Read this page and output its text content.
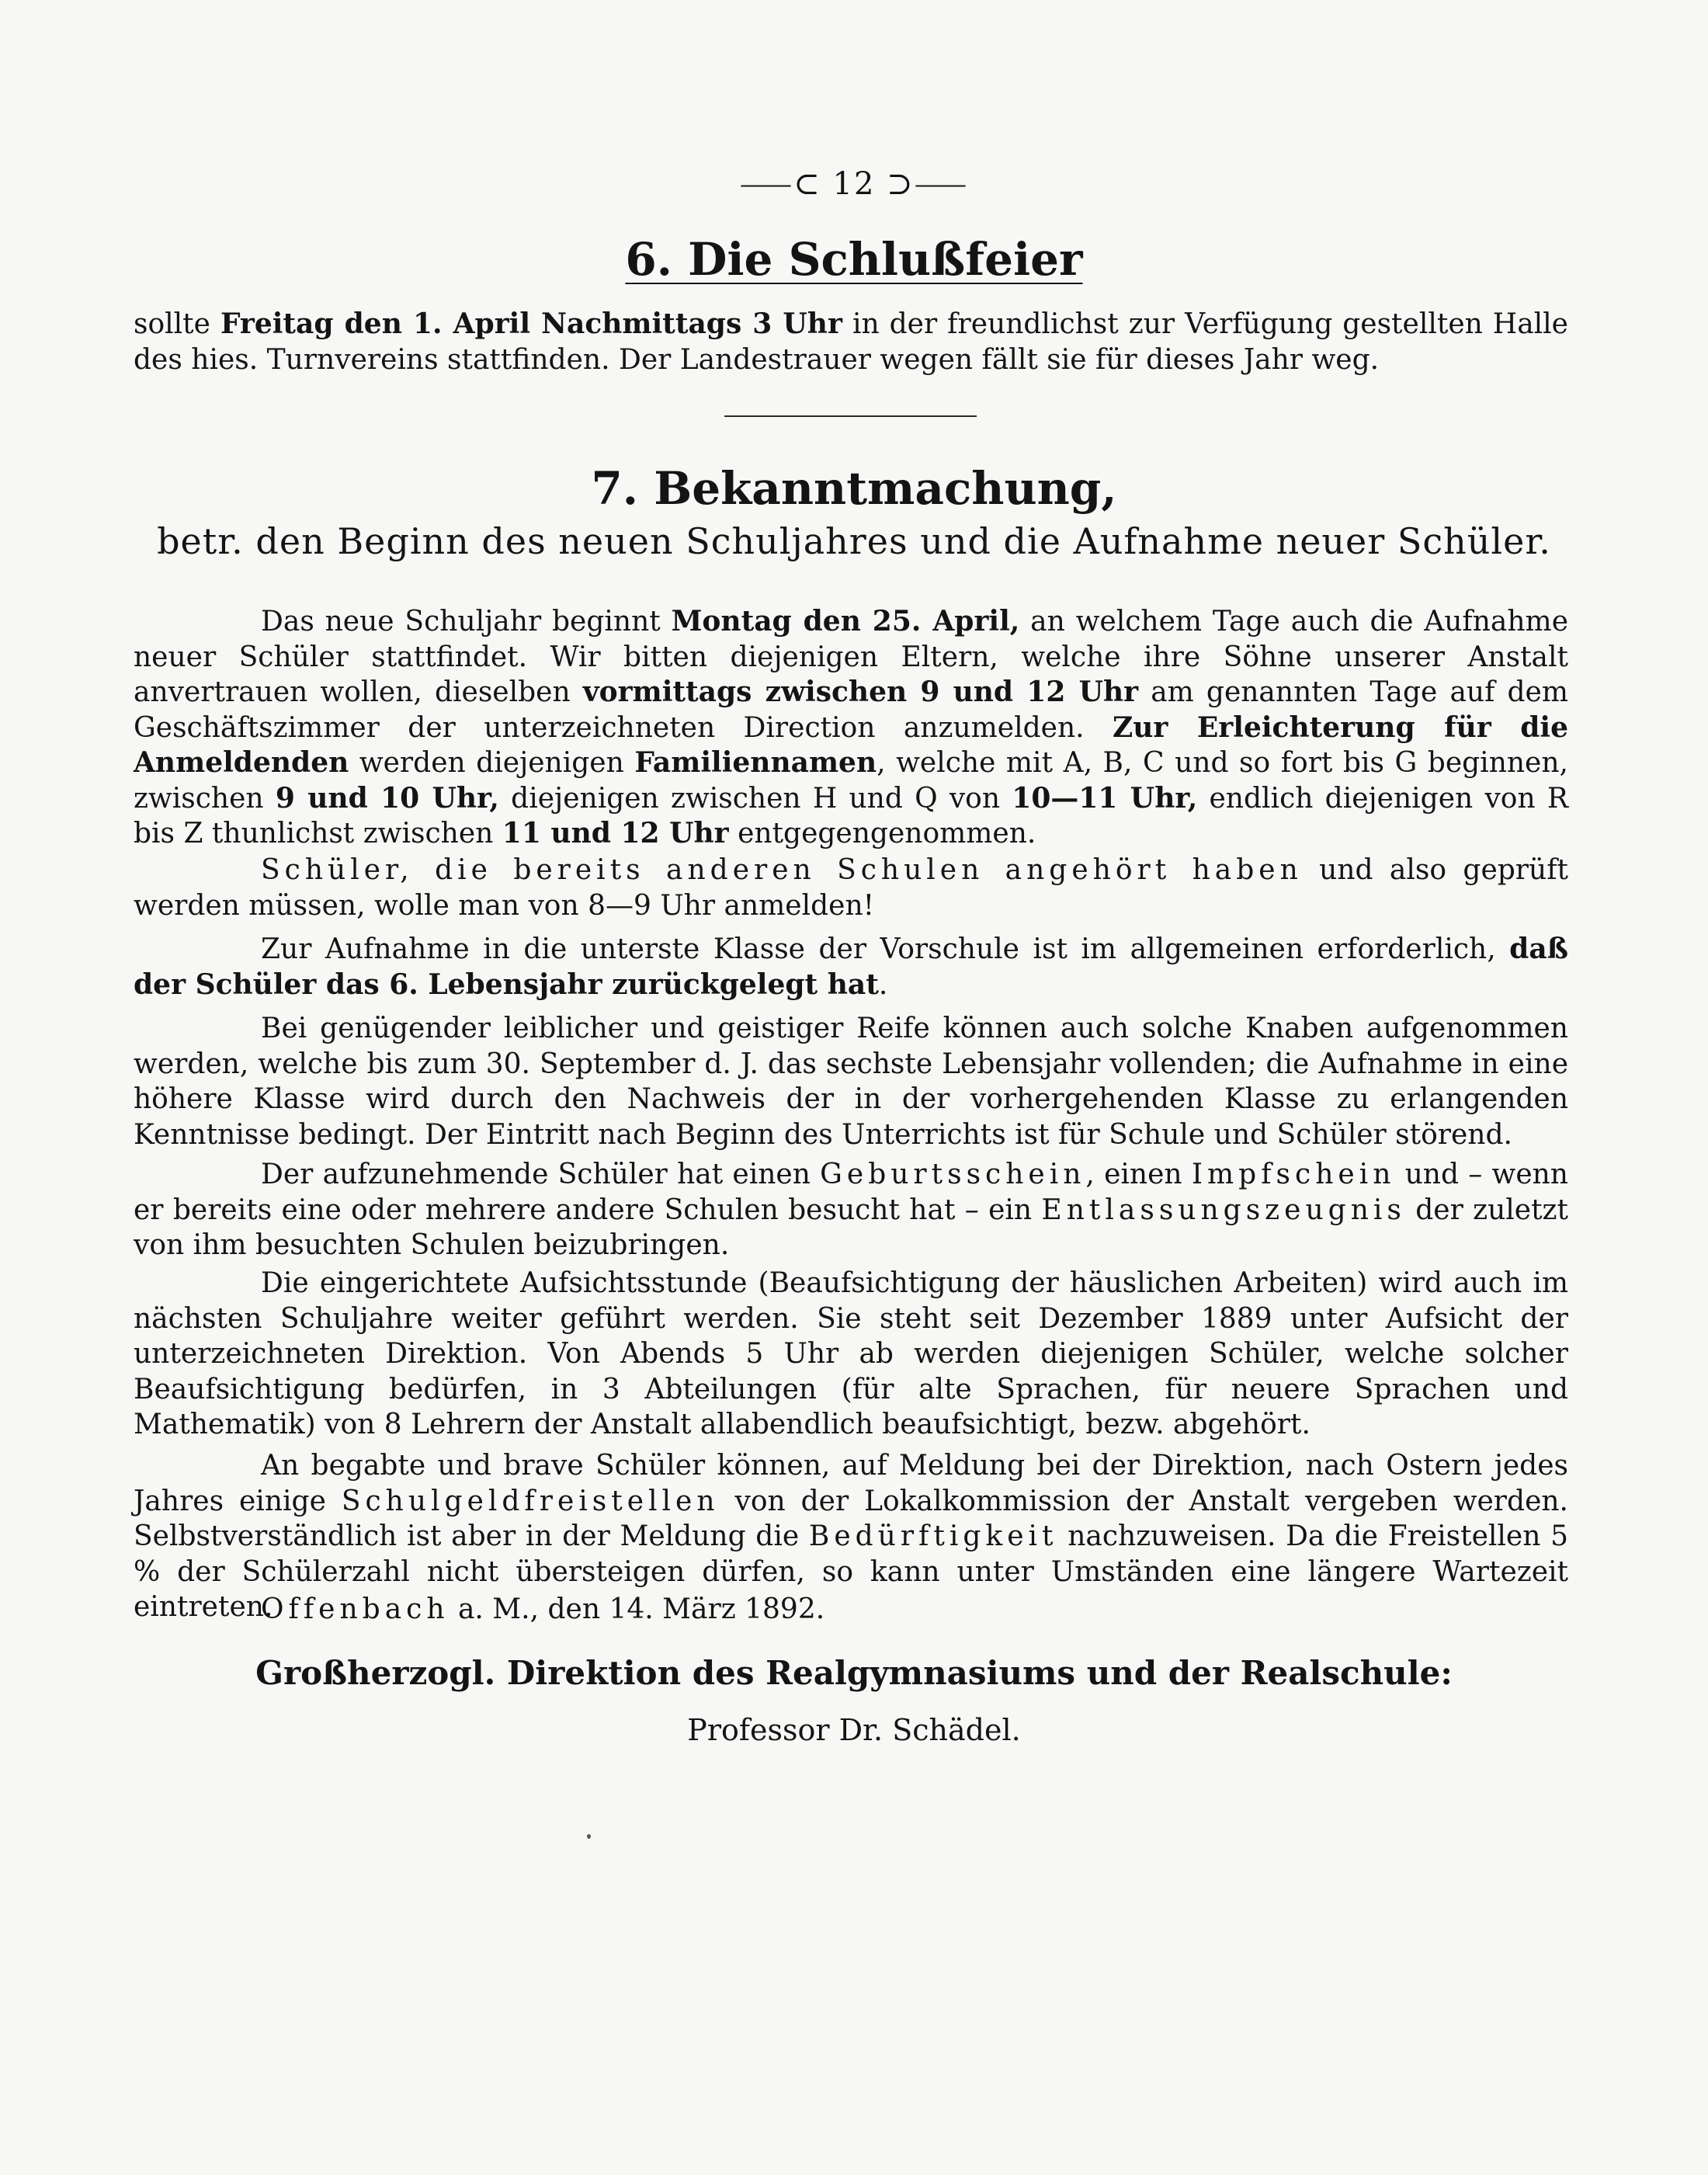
⸺⊂ 12 ⊃⸺
6. Die Schlußfeier

sollte Freitag den 1. April Nachmittags 3 Uhr in der freundlichst zur Verfügung gestellten Halle des hies. Turnvereins stattfinden. Der Landestrauer wegen fällt sie für dieses Jahr weg.

7. Bekanntmachung,
betr. den Beginn des neuen Schuljahres und die Aufnahme neuer Schüler.

Das neue Schuljahr beginnt Montag den 25. April, an welchem Tage auch die Aufnahme neuer Schüler stattfindet. Wir bitten diejenigen Eltern, welche ihre Söhne unserer Anstalt anvertrauen wollen, dieselben vormittags zwischen 9 und 12 Uhr am genannten Tage auf dem Geschäftszimmer der unterzeichneten Direction anzumelden. Zur Erleichterung für die Anmeldenden werden diejenigen Familiennamen, welche mit A, B, C und so fort bis G beginnen, zwischen 9 und 10 Uhr, diejenigen zwischen H und Q von 10—11 Uhr, endlich diejenigen von R bis Z thunlichst zwischen 11 und 12 Uhr entgegengenommen.

Schüler, die bereits anderen Schulen angehört haben und also geprüft werden müssen, wolle man von 8—9 Uhr anmelden!

Zur Aufnahme in die unterste Klasse der Vorschule ist im allgemeinen erforderlich, daß der Schüler das 6. Lebensjahr zurückgelegt hat.

Bei genügender leiblicher und geistiger Reife können auch solche Knaben aufgenommen werden, welche bis zum 30. September d. J. das sechste Lebensjahr vollenden; die Aufnahme in eine höhere Klasse wird durch den Nachweis der in der vorhergehenden Klasse zu erlangenden Kenntnisse bedingt. Der Eintritt nach Beginn des Unterrichts ist für Schule und Schüler störend.

Der aufzunehmende Schüler hat einen Geburtsschein, einen Impfschein und – wenn er bereits eine oder mehrere andere Schulen besucht hat – ein Entlassungszeugnis der zuletzt von ihm besuchten Schulen beizubringen.

Die eingerichtete Aufsichtsstunde (Beaufsichtigung der häuslichen Arbeiten) wird auch im nächsten Schuljahre weiter geführt werden. Sie steht seit Dezember 1889 unter Aufsicht der unterzeichneten Direktion. Von Abends 5 Uhr ab werden diejenigen Schüler, welche solcher Beaufsichtigung bedürfen, in 3 Abteilungen (für alte Sprachen, für neuere Sprachen und Mathematik) von 8 Lehrern der Anstalt allabendlich beaufsichtigt, bezw. abgehört.

An begabte und brave Schüler können, auf Meldung bei der Direktion, nach Ostern jedes Jahres einige Schulgeldfreistellen von der Lokalkommission der Anstalt vergeben werden. Selbstverständlich ist aber in der Meldung die Bedürftigkeit nachzuweisen. Da die Freistellen 5 % der Schülerzahl nicht übersteigen dürfen, so kann unter Umständen eine längere Wartezeit eintreten.

Offenbach a. M., den 14. März 1892.
Großherzogl. Direktion des Realgymnasiums und der Realschule:
Professor Dr. Schädel.
